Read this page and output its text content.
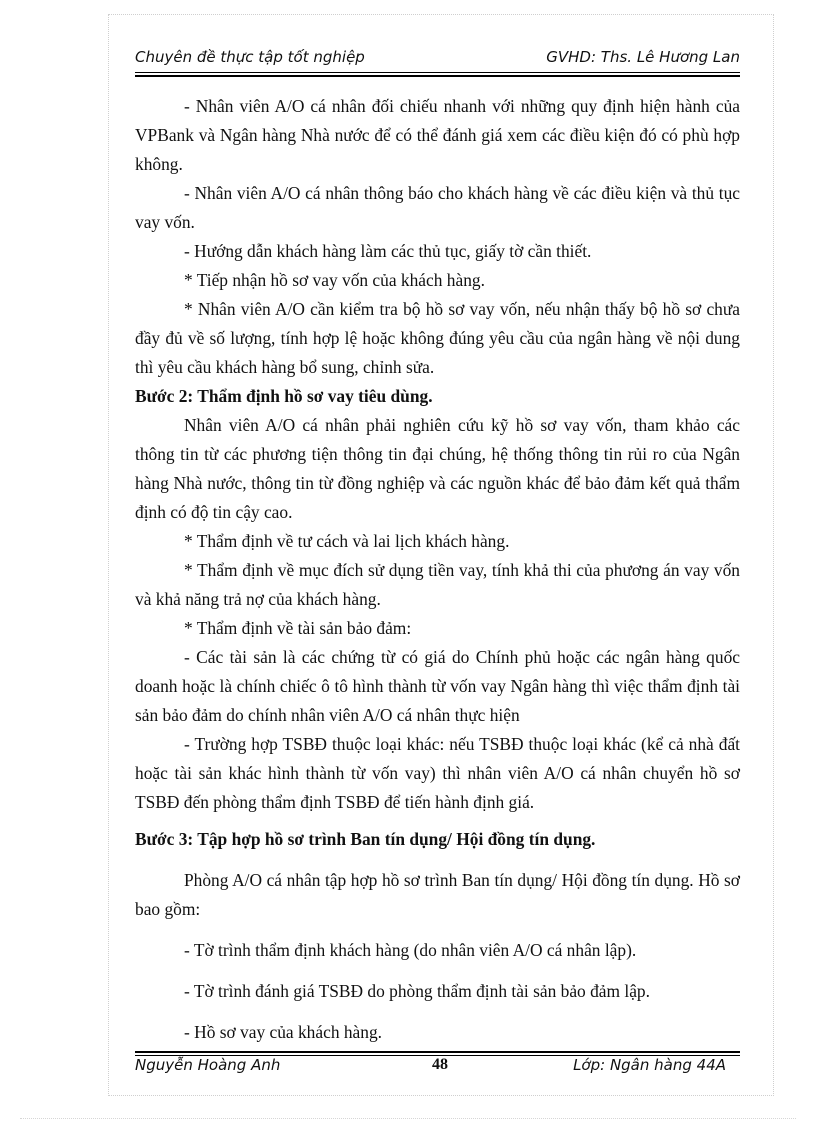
Chuyên đề thực tập tốt nghiệp	GVHD: Ths. Lê Hương Lan

- Nhân viên A/O cá nhân đối chiếu nhanh với những quy định hiện hành của VPBank và Ngân hàng Nhà nước để có thể đánh giá xem các điều kiện đó có phù hợp không.

- Nhân viên A/O cá nhân thông báo cho khách hàng về các điều kiện và thủ tục vay vốn.

- Hướng dẫn khách hàng làm các thủ tục, giấy tờ cần thiết.

* Tiếp nhận hồ sơ vay vốn của khách hàng.

* Nhân viên A/O cần kiểm tra bộ hồ sơ vay vốn, nếu nhận thấy bộ hồ sơ chưa đầy đủ về số lượng, tính hợp lệ hoặc không đúng yêu cầu của ngân hàng về nội dung thì yêu cầu khách hàng bổ sung, chỉnh sửa.

Bước 2: Thẩm định hồ sơ vay tiêu dùng.

Nhân viên A/O cá nhân phải nghiên cứu kỹ hồ sơ vay vốn, tham khảo các thông tin từ các phương tiện thông tin đại chúng, hệ thống thông tin rủi ro của Ngân hàng Nhà nước, thông tin từ đồng nghiệp và các nguồn khác để bảo đảm kết quả thẩm định có độ tin cậy cao.

* Thẩm định về tư cách và lai lịch khách hàng.

* Thẩm định về mục đích sử dụng tiền vay, tính khả thi của phương án vay vốn và khả năng trả nợ của khách hàng.

* Thẩm định về tài sản bảo đảm:

- Các tài sản là các chứng từ có giá do Chính phủ hoặc các ngân hàng quốc doanh hoặc là chính chiếc ô tô hình thành từ vốn vay Ngân hàng thì việc thẩm định tài sản bảo đảm do chính nhân viên A/O cá nhân thực hiện

- Trường hợp TSBĐ thuộc loại khác: nếu TSBĐ thuộc loại khác (kể cả nhà đất hoặc tài sản khác hình thành từ vốn vay) thì nhân viên A/O cá nhân chuyển hồ sơ TSBĐ đến phòng thẩm định TSBĐ để tiến hành định giá.

Bước 3: Tập hợp hồ sơ trình Ban tín dụng/ Hội đồng tín dụng.

Phòng A/O cá nhân tập hợp hồ sơ trình Ban tín dụng/ Hội đồng tín dụng. Hồ sơ bao gồm:

- Tờ trình thẩm định khách hàng (do nhân viên A/O cá nhân lập).

- Tờ trình đánh giá TSBĐ do phòng thẩm định tài sản bảo đảm lập.

- Hồ sơ vay của khách hàng.

Nguyễn Hoàng Anh	48	Lớp: Ngân hàng 44A
